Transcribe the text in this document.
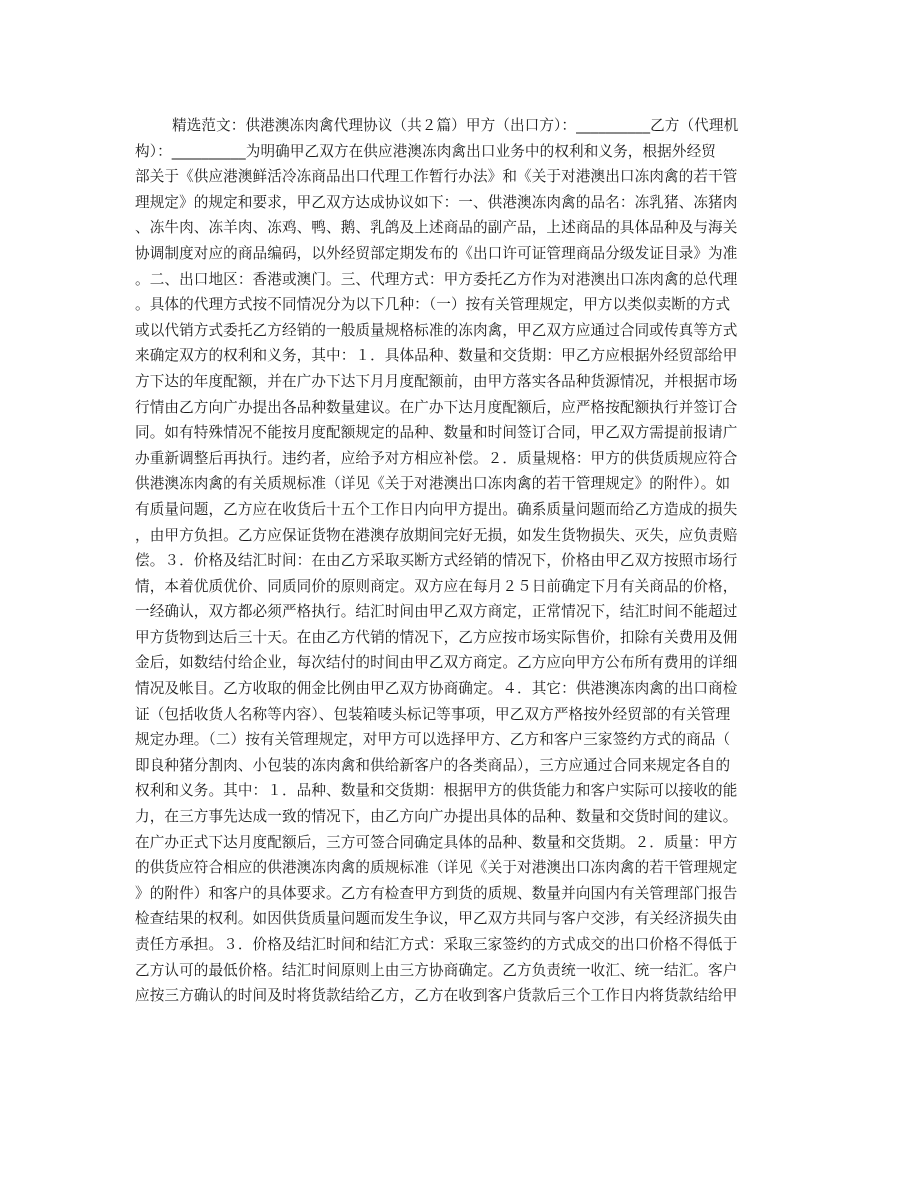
精选范文：供港澳冻肉禽代理协议（共２篇）甲方（出口方）：__________乙方（代理机
构）：__________为明确甲乙双方在供应港澳冻肉禽出口业务中的权利和义务，根据外经贸
部关于《供应港澳鲜活冷冻商品出口代理工作暂行办法》和《关于对港澳出口冻肉禽的若干管
理规定》的规定和要求，甲乙双方达成协议如下：一、供港澳冻肉禽的品名：冻乳猪、冻猪肉
、冻牛肉、冻羊肉、冻鸡、鸭、鹅、乳鸽及上述商品的副产品，上述商品的具体品种及与海关
协调制度对应的商品编码，以外经贸部定期发布的《出口许可证管理商品分级发证目录》为准
。二、出口地区：香港或澳门。三、代理方式：甲方委托乙方作为对港澳出口冻肉禽的总代理
。具体的代理方式按不同情况分为以下几种：（一）按有关管理规定，甲方以类似卖断的方式
或以代销方式委托乙方经销的一般质量规格标准的冻肉禽，甲乙双方应通过合同或传真等方式
来确定双方的权利和义务，其中：１．具体品种、数量和交货期：甲乙方应根据外经贸部给甲
方下达的年度配额，并在广办下达下月月度配额前，由甲方落实各品种货源情况，并根据市场
行情由乙方向广办提出各品种数量建议。在广办下达月度配额后，应严格按配额执行并签订合
同。如有特殊情况不能按月度配额规定的品种、数量和时间签订合同，甲乙双方需提前报请广
办重新调整后再执行。违约者，应给予对方相应补偿。２．质量规格：甲方的供货质规应符合
供港澳冻肉禽的有关质规标准（详见《关于对港澳出口冻肉禽的若干管理规定》的附件）。如
有质量问题，乙方应在收货后十五个工作日内向甲方提出。确系质量问题而给乙方造成的损失
，由甲方负担。乙方应保证货物在港澳存放期间完好无损，如发生货物损失、灭失，应负责赔
偿。３．价格及结汇时间：在由乙方采取买断方式经销的情况下，价格由甲乙双方按照市场行
情，本着优质优价、同质同价的原则商定。双方应在每月２５日前确定下月有关商品的价格，
一经确认，双方都必须严格执行。结汇时间由甲乙双方商定，正常情况下，结汇时间不能超过
甲方货物到达后三十天。在由乙方代销的情况下，乙方应按市场实际售价，扣除有关费用及佣
金后，如数结付给企业，每次结付的时间由甲乙双方商定。乙方应向甲方公布所有费用的详细
情况及帐目。乙方收取的佣金比例由甲乙双方协商确定。４．其它：供港澳冻肉禽的出口商检
证（包括收货人名称等内容）、包装箱唛头标记等事项，甲乙双方严格按外经贸部的有关管理
规定办理。（二）按有关管理规定，对甲方可以选择甲方、乙方和客户三家签约方式的商品（
即良种猪分割肉、小包装的冻肉禽和供给新客户的各类商品），三方应通过合同来规定各自的
权利和义务。其中：１．品种、数量和交货期：根据甲方的供货能力和客户实际可以接收的能
力，在三方事先达成一致的情况下，由乙方向广办提出具体的品种、数量和交货时间的建议。
在广办正式下达月度配额后，三方可签合同确定具体的品种、数量和交货期。２．质量：甲方
的供货应符合相应的供港澳冻肉禽的质规标准（详见《关于对港澳出口冻肉禽的若干管理规定
》的附件）和客户的具体要求。乙方有检查甲方到货的质规、数量并向国内有关管理部门报告
检查结果的权利。如因供货质量问题而发生争议，甲乙双方共同与客户交涉，有关经济损失由
责任方承担。３．价格及结汇时间和结汇方式：采取三家签约的方式成交的出口价格不得低于
乙方认可的最低价格。结汇时间原则上由三方协商确定。乙方负责统一收汇、统一结汇。客户
应按三方确认的时间及时将货款结给乙方，乙方在收到客户货款后三个工作日内将货款结给甲
